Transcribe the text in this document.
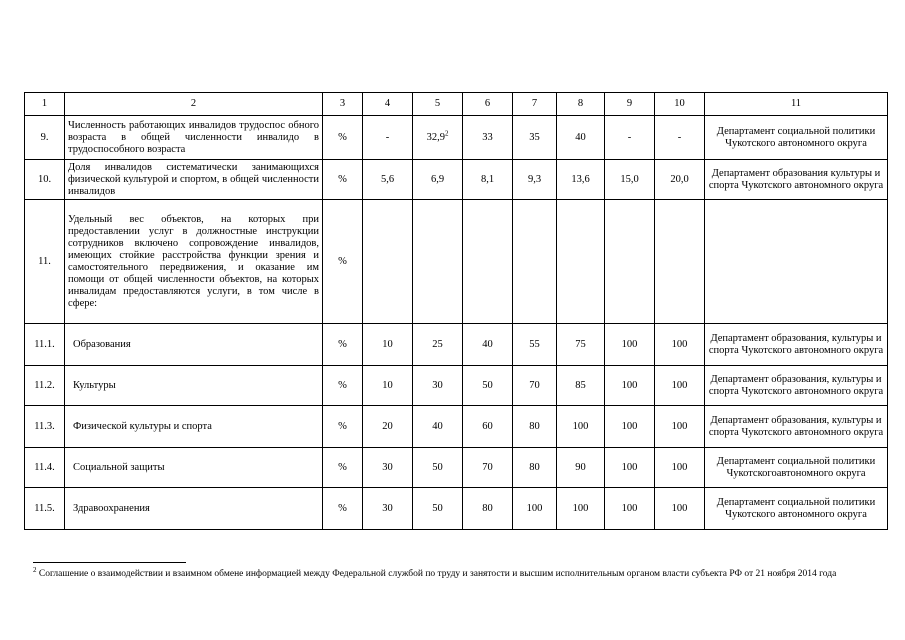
1	2	3	4	5	6	7	8	9	10	11
9.	Численность работающих инвалидов трудоспос обного возраста в общей численности инвалидо в трудоспособного возраста	%	-	32,9$^2$	33	35	40	-	-	Департамент социальной политики Чукотского автономного округа
10.	Доля инвалидов систематически занимающихся физической культурой и спортом, в общей численности инвалидов	%	5,6	6,9	8,1	9,3	13,6	15,0	20,0	Департамент образования культуры и спорта Чукотского автономного округа
11.	Удельный вес объектов, на которых при предоставлении услуг в должностные инструкции сотрудников включено сопровождение инвалидов, имеющих стойкие расстройства функции зрения и самостоятельного передвижения, и оказание им помощи от общей численности объектов, на которых инвалидам предоставляются услуги, в том числе в сфере:	%								
11.1.	Образования	%	10	25	40	55	75	100	100	Департамент образования, культуры и спорта Чукотского автономного округа
11.2.	Культуры	%	10	30	50	70	85	100	100	Департамент образования, культуры и спорта Чукотского автономного округа
11.3.	Физической культуры и спорта	%	20	40	60	80	100	100	100	Департамент образования, культуры и спорта Чукотского автономного округа
11.4.	Социальной защиты	%	30	50	70	80	90	100	100	Департамент социальной политики Чукотскогоавтономного округа
11.5.	Здравоохранения	%	30	50	80	100	100	100	100	Департамент социальной политики Чукотского автономного округа
$^2$ Соглашение о взаимодействии и взаимном обмене информацией между Федеральной службой по труду и занятости и высшим исполнительным органом власти субъекта РФ от 21 ноября 2014 года
